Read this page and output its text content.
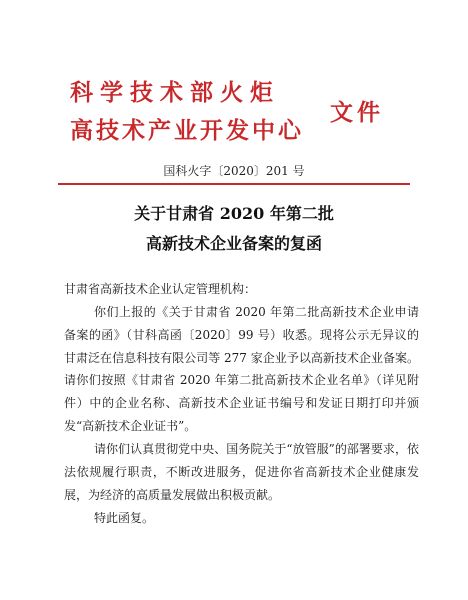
科学技术部火炬
高技术产业开发中心
文件
国科火字〔2020〕201 号
关于甘肃省 2020 年第二批
高新技术企业备案的复函
甘肃省高新技术企业认定管理机构：
你们上报的《关于甘肃省 2020 年第二批高新技术企业申请备案的函》（甘科高函〔2020〕99 号）收悉。现将公示无异议的甘肃泛在信息科技有限公司等 277 家企业予以高新技术企业备案。请你们按照《甘肃省 2020 年第二批高新技术企业名单》（详见附件）中的企业名称、高新技术企业证书编号和发证日期打印并颁发“高新技术企业证书”。
请你们认真贯彻党中央、国务院关于“放管服”的部署要求，依法依规履行职责，不断改进服务，促进你省高新技术企业健康发展，为经济的高质量发展做出积极贡献。
特此函复。
